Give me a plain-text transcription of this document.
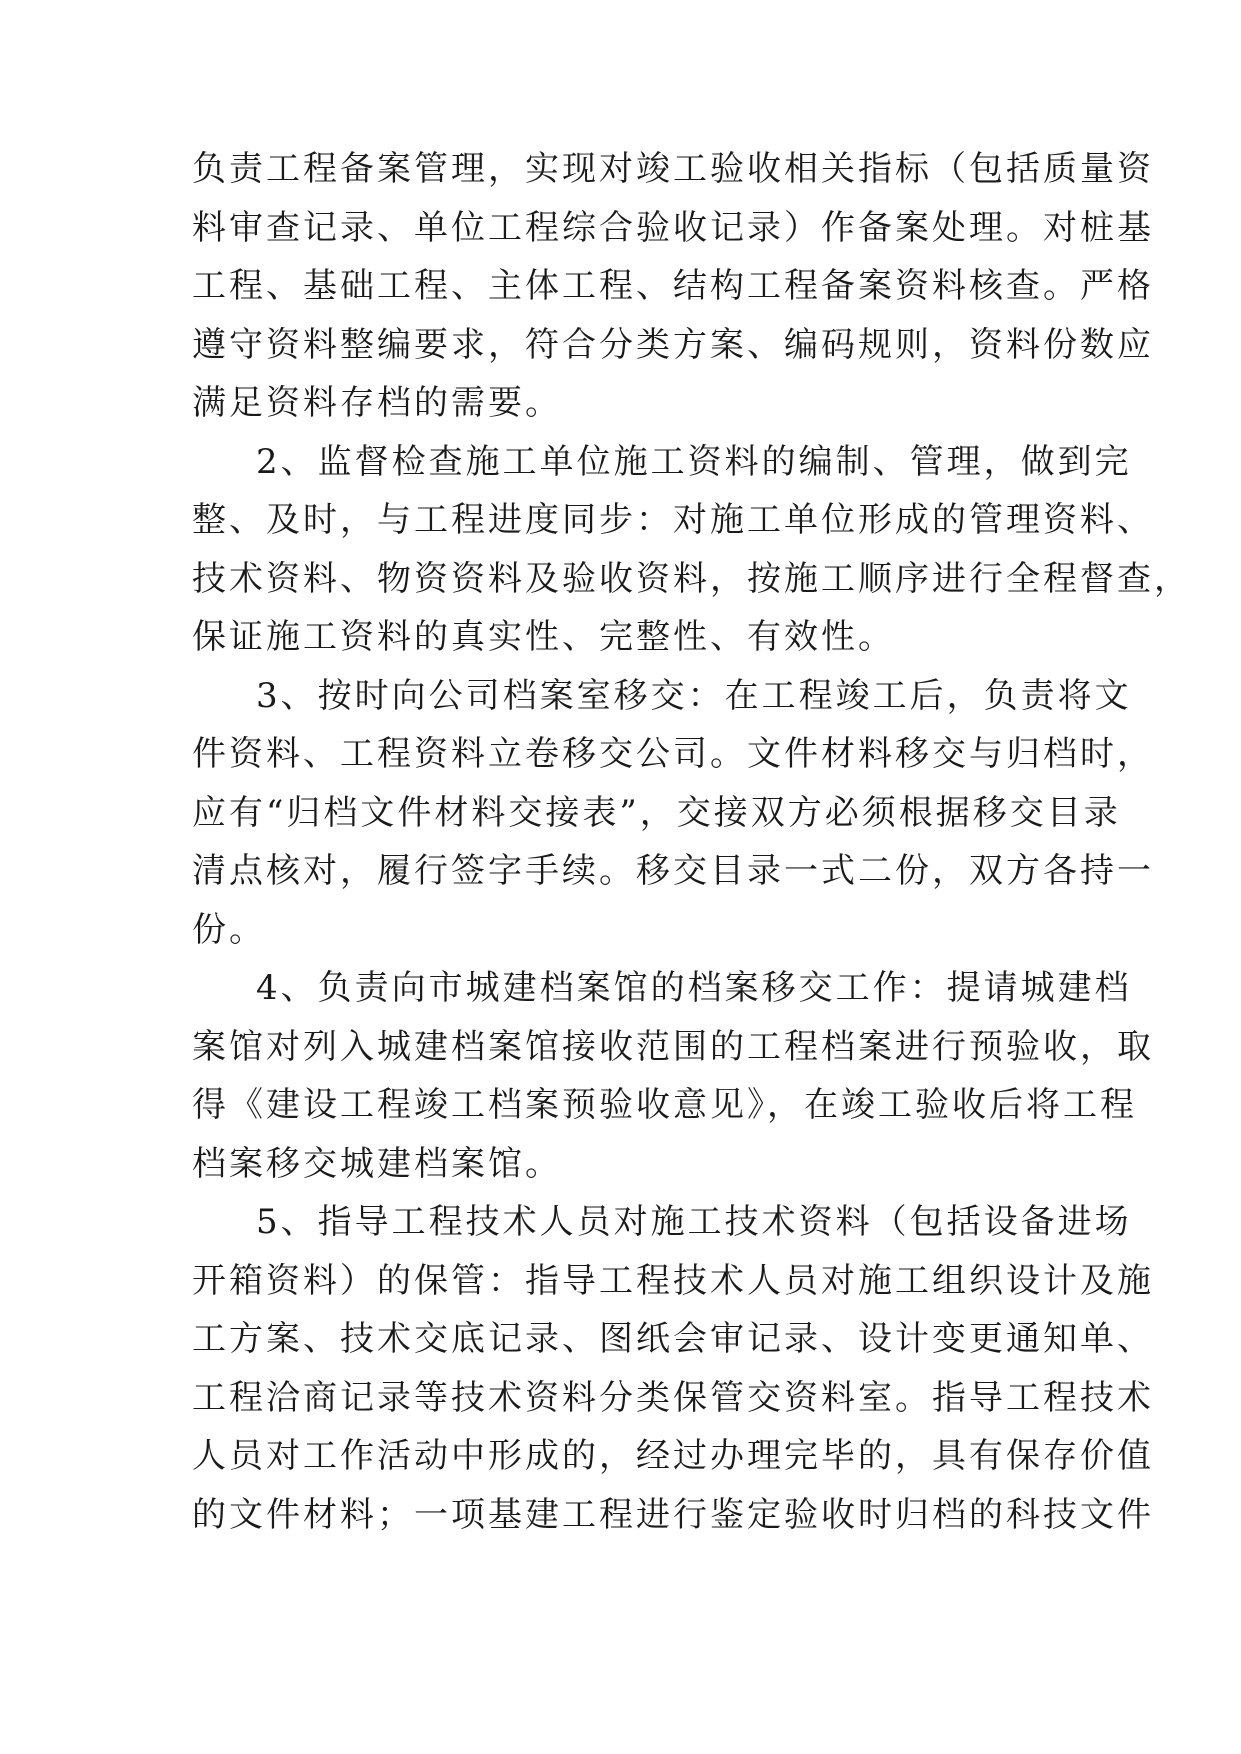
负责工程备案管理，实现对竣工验收相关指标（包括质量资
料审查记录、单位工程综合验收记录）作备案处理。对桩基
工程、基础工程、主体工程、结构工程备案资料核查。严格
遵守资料整编要求，符合分类方案、编码规则，资料份数应
满足资料存档的需要。
2、监督检查施工单位施工资料的编制、管理，做到完
整、及时，与工程进度同步：对施工单位形成的管理资料、
技术资料、物资资料及验收资料，按施工顺序进行全程督查，
保证施工资料的真实性、完整性、有效性。
3、按时向公司档案室移交：在工程竣工后，负责将文
件资料、工程资料立卷移交公司。文件材料移交与归档时，
应有“归档文件材料交接表”，交接双方必须根据移交目录
清点核对，履行签字手续。移交目录一式二份，双方各持一
份。
4、负责向市城建档案馆的档案移交工作：提请城建档
案馆对列入城建档案馆接收范围的工程档案进行预验收，取
得《建设工程竣工档案预验收意见》，在竣工验收后将工程
档案移交城建档案馆。
5、指导工程技术人员对施工技术资料（包括设备进场
开箱资料）的保管：指导工程技术人员对施工组织设计及施
工方案、技术交底记录、图纸会审记录、设计变更通知单、
工程洽商记录等技术资料分类保管交资料室。指导工程技术
人员对工作活动中形成的，经过办理完毕的，具有保存价值
的文件材料；一项基建工程进行鉴定验收时归档的科技文件
